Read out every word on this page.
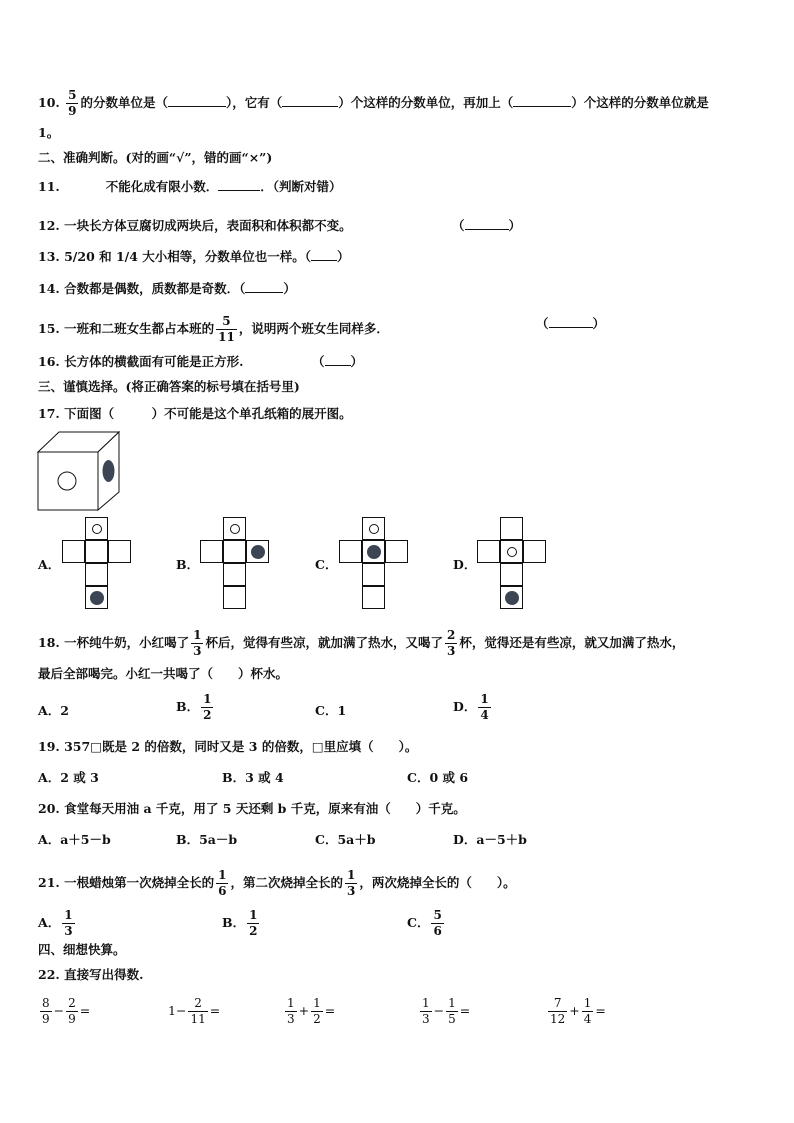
10. $\frac{5}{9}$ 的分数单位是（	），它有（	）个这样的分数单位，再加上（	）个这样的分数单位就是
1。
二、准确判断。(对的画“√”，错的画“×”)
11.	不能化成有限小数．	．（判断对错）
12. 一块长方体豆腐切成两块后，表面积和体积都不变。	（	）
13. 5/20 和 1/4 大小相等，分数单位也一样。（ ）
14. 合数都是偶数，质数都是奇数．（	）
15. 一班和二班女生都占本班的 $\frac{5}{11}$ ，说明两个班女生同样多．	（	）
16. 长方体的横截面有可能是正方形.	（ ）
三、谨慎选择。(将正确答案的标号填在括号里)
17. 下面图（　　　）不可能是这个单孔纸箱的展开图。
A．	B．	C．	D．
18. 一杯纯牛奶，小红喝了 $\frac{1}{3}$ 杯后，觉得有些凉，就加满了热水，又喝了 $\frac{2}{3}$ 杯，觉得还是有些凉，就又加满了热水，
最后全部喝完。小红一共喝了（　　）杯水。
A．2	B． $\frac{1}{2}$	C．1	D． $\frac{1}{4}$
19. 357□既是 2 的倍数，同时又是 3 的倍数，□里应填（　　）。
A．2 或 3	B．3 或 4	C．0 或 6
20. 食堂每天用油 a 千克，用了 5 天还剩 b 千克，原来有油（　　）千克。
A．a＋5－b	B．5a－b	C．5a＋b	D．a－5＋b
21. 一根蜡烛第一次烧掉全长的 $\frac{1}{6}$ ，第二次烧掉全长的 $\frac{1}{3}$ ，两次烧掉全长的（　　）。
A． $\frac{1}{3}$	B． $\frac{1}{2}$	C． $\frac{5}{6}$
四、细想快算。
22. 直接写出得数.
$\frac{8}{9} - \frac{2}{9}$ =	$1- \frac{2}{11}$ =	$\frac{1}{3} + \frac{1}{2}$ =	$\frac{1}{3} - \frac{1}{5}$ =	$\frac{7}{12} + \frac{1}{4}$ =
